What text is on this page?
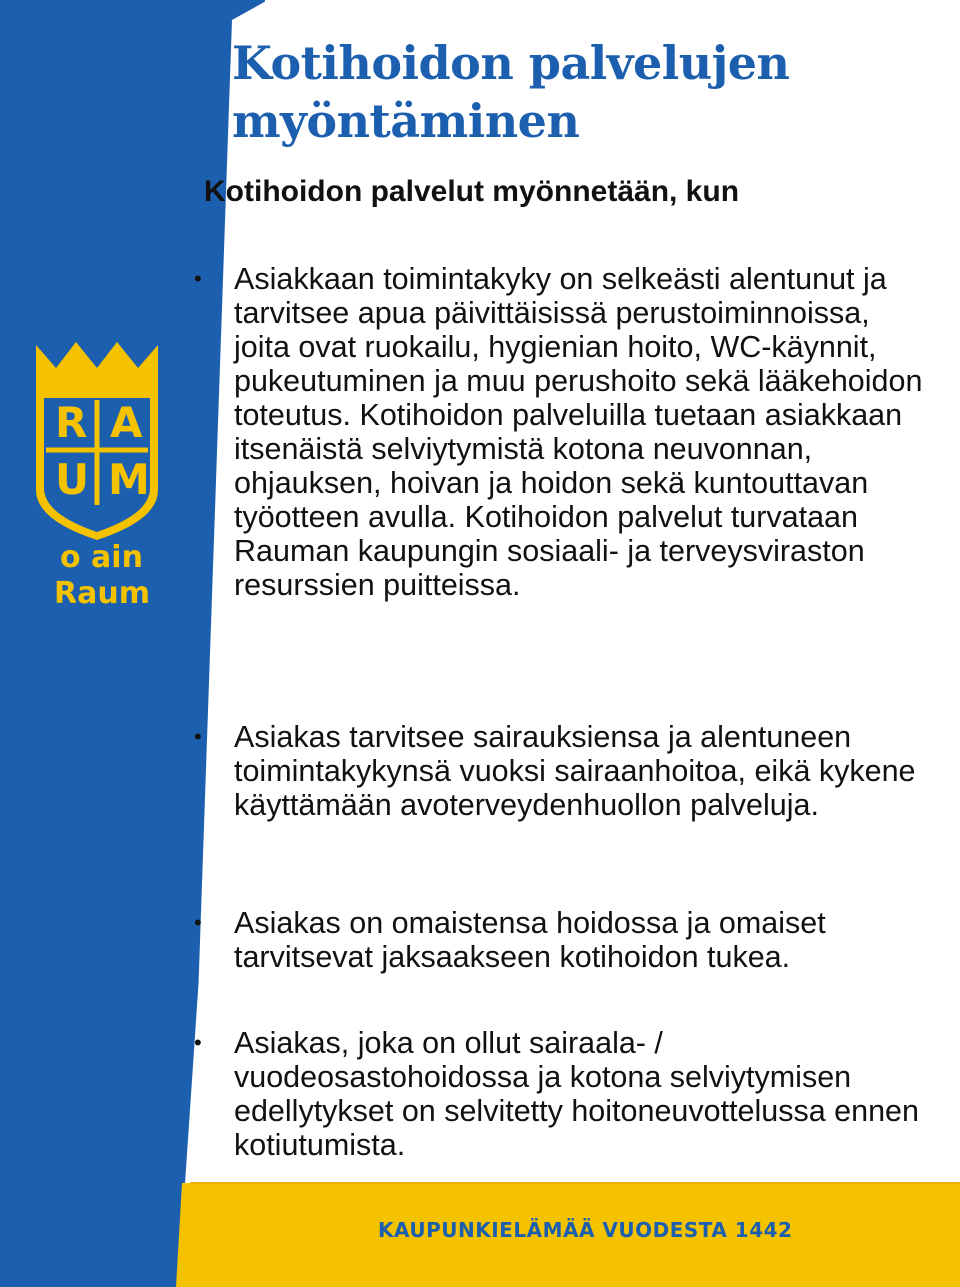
Kotihoidon palvelujen myöntäminen

Kotihoidon palvelut myönnetään, kun

• Asiakkaan toimintakyky on selkeästi alentunut ja tarvitsee apua päivittäisissä perustoiminnoissa, joita ovat ruokailu, hygienian hoito, WC-käynnit, pukeutuminen ja muu perushoito sekä lääkehoidon toteutus. Kotihoidon palveluilla tuetaan asiakkaan itsenäistä selviytymistä kotona neuvonnan, ohjauksen, hoivan ja hoidon sekä kuntouttavan työotteen avulla. Kotihoidon palvelut turvataan Rauman kaupungin sosiaali- ja terveysviraston resurssien puitteissa.
• Asiakas tarvitsee sairauksiensa ja alentuneen toimintakykynsä vuoksi sairaanhoitoa, eikä kykene käyttämään avoterveydenhuollon palveluja.
• Asiakas on omaistensa hoidossa ja omaiset tarvitsevat jaksaakseen kotihoidon tukea.
• Asiakas, joka on ollut sairaala- / vuodeosastohoidossa ja kotona selviytymisen edellytykset on selvitetty hoitoneuvottelussa ennen kotiutumista.
R A
U M
o ain
Raum
KAUPUNKIELÄMÄÄ VUODESTA 1442
